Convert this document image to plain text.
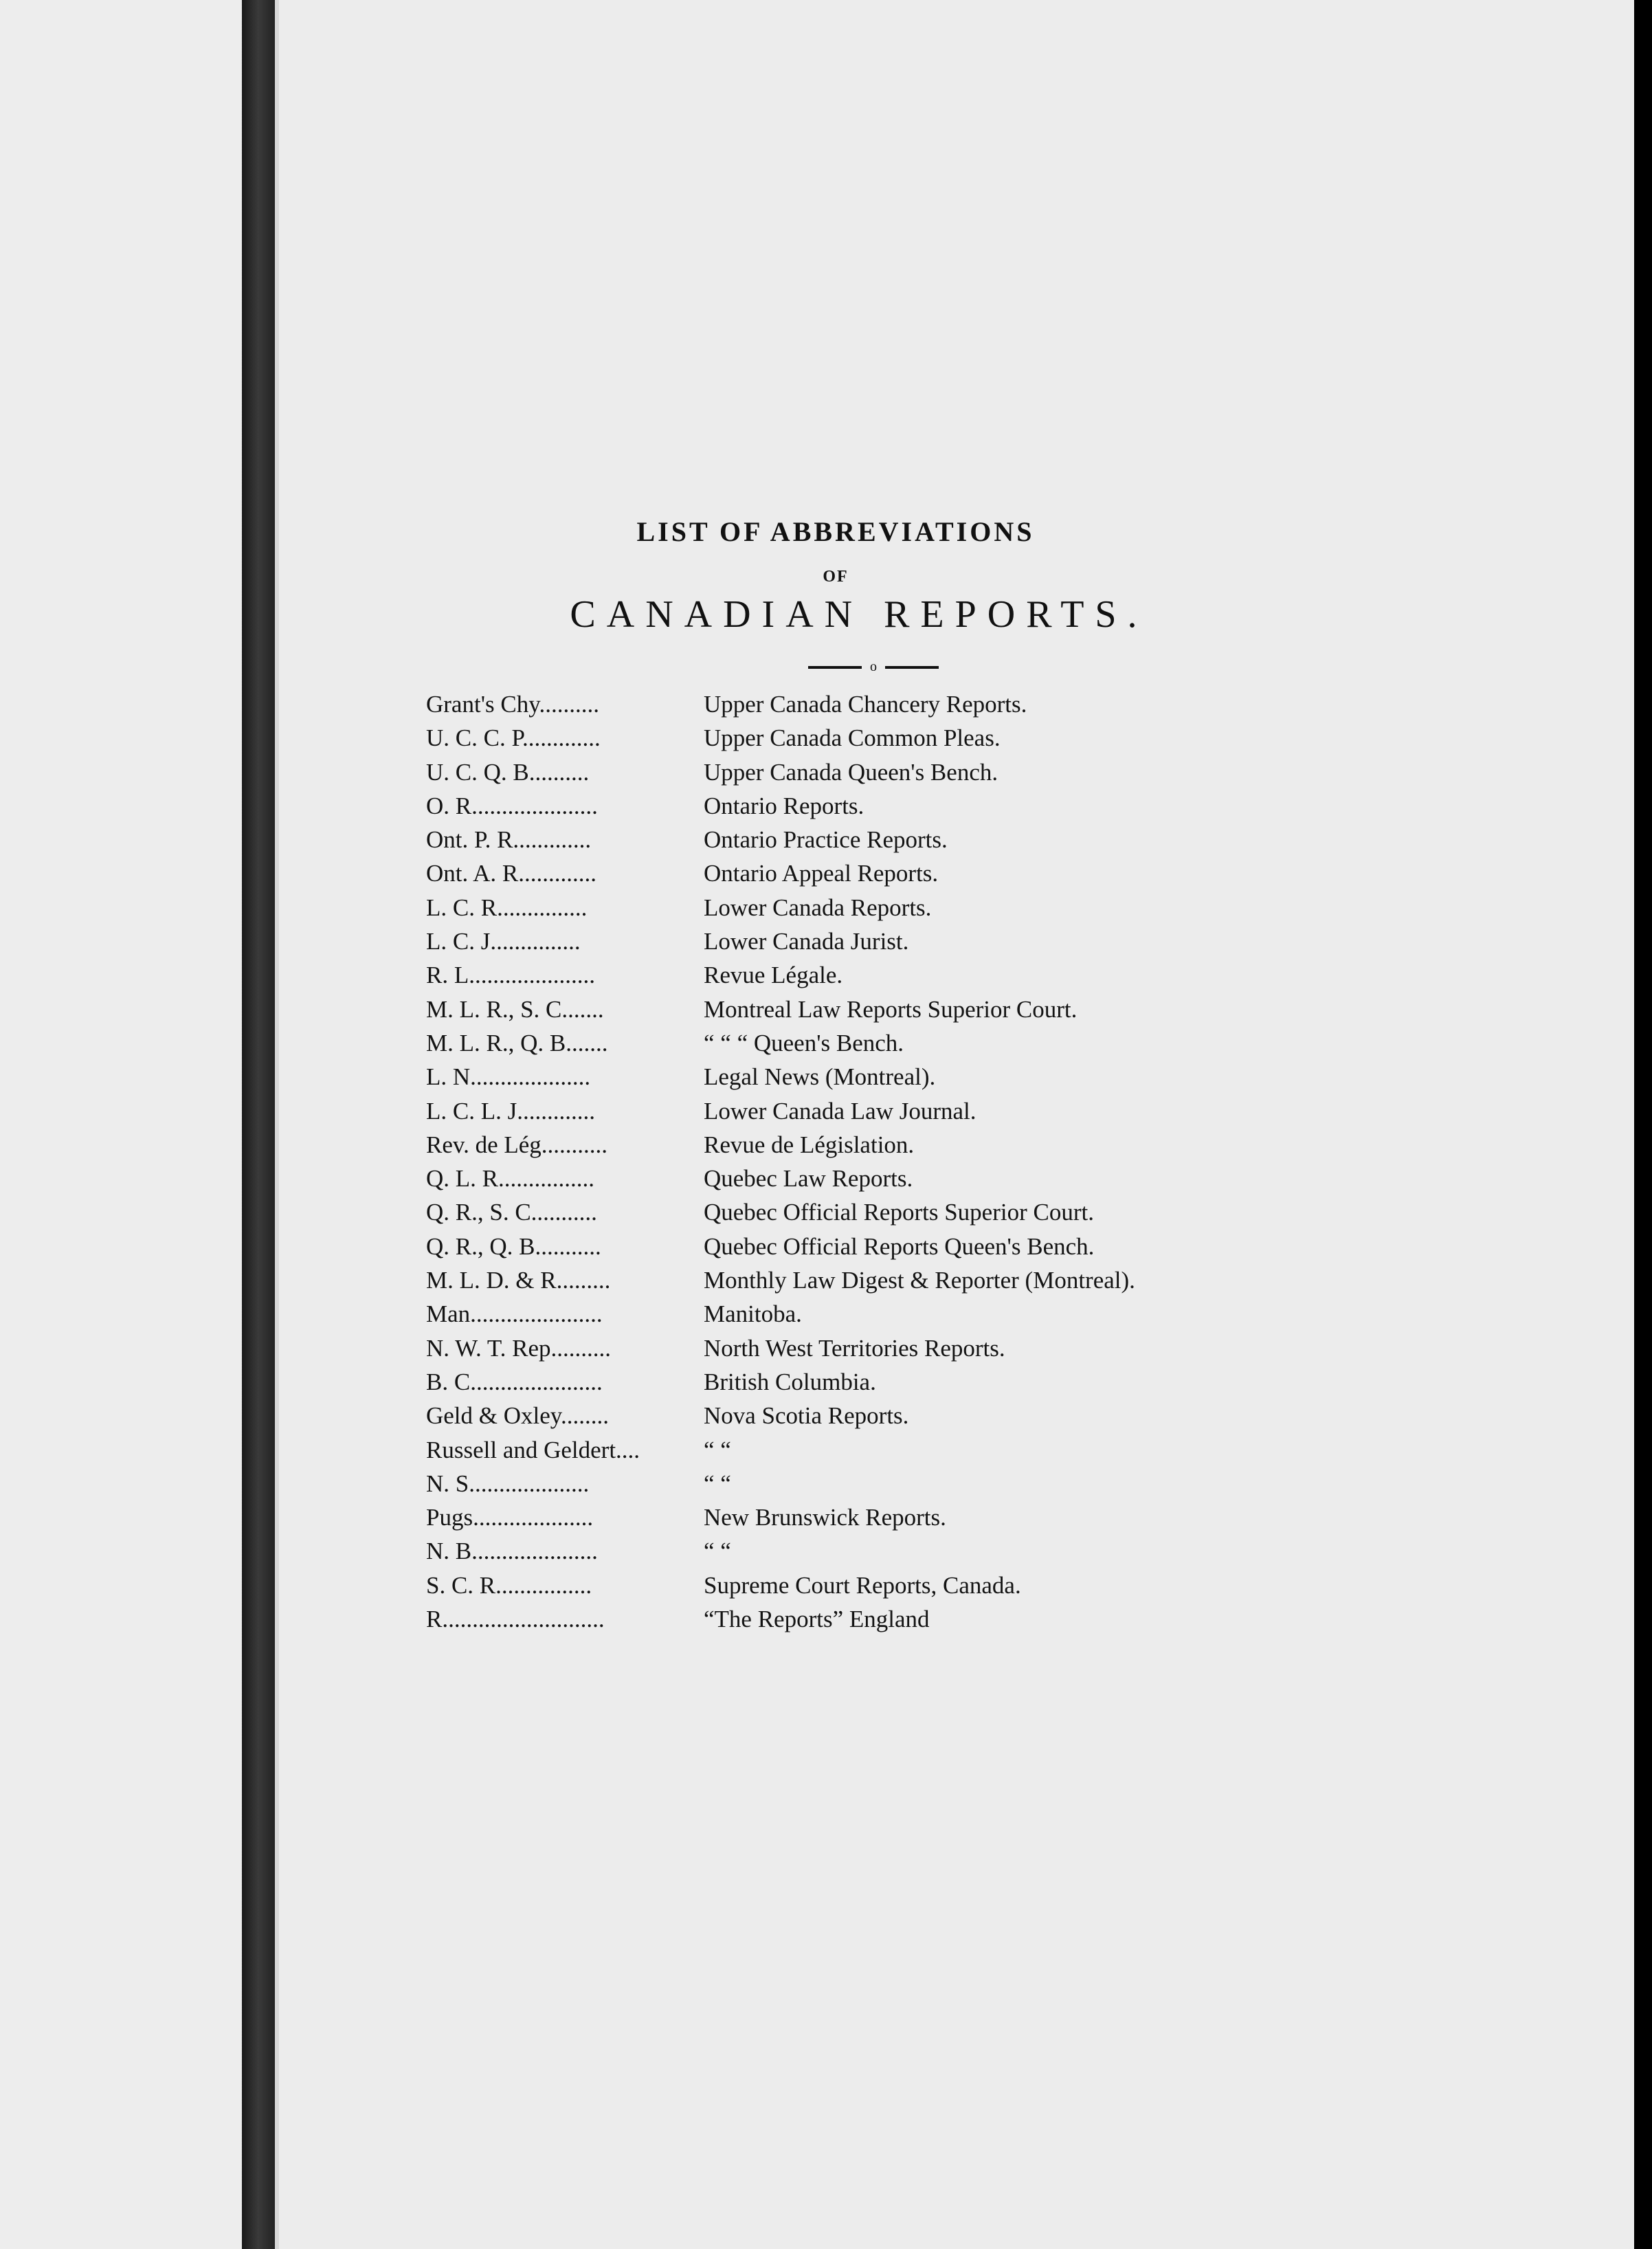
LIST OF ABBREVIATIONS
OF
CANADIAN REPORTS.
o
Grant's Chy..........	Upper Canada Chancery Reports.
U. C. C. P.............	Upper Canada Common Pleas.
U. C. Q. B..........	Upper Canada Queen's Bench.
O. R.....................	Ontario Reports.
Ont. P. R.............	Ontario Practice Reports.
Ont. A. R.............	Ontario Appeal Reports.
L. C. R...............	Lower Canada Reports.
L. C. J...............	Lower Canada Jurist.
R. L.....................	Revue Légale.
M. L. R., S. C.......	Montreal Law Reports Superior Court.
M. L. R., Q. B.......	“ “ “ Queen's Bench.
L. N....................	Legal News (Montreal).
L. C. L. J.............	Lower Canada Law Journal.
Rev. de Lég...........	Revue de Législation.
Q. L. R................	Quebec Law Reports.
Q. R., S. C...........	Quebec Official Reports Superior Court.
Q. R., Q. B...........	Quebec Official Reports Queen's Bench.
M. L. D. & R.........	Monthly Law Digest & Reporter (Montreal).
Man......................	Manitoba.
N. W. T. Rep..........	North West Territories Reports.
B. C......................	British Columbia.
Geld & Oxley........	Nova Scotia Reports.
Russell and Geldert....	“ “
N. S....................	“ “
Pugs....................	New Brunswick Reports.
N. B.....................	“ “
S. C. R................	Supreme Court Reports, Canada.
R...........................	“The Reports” England
